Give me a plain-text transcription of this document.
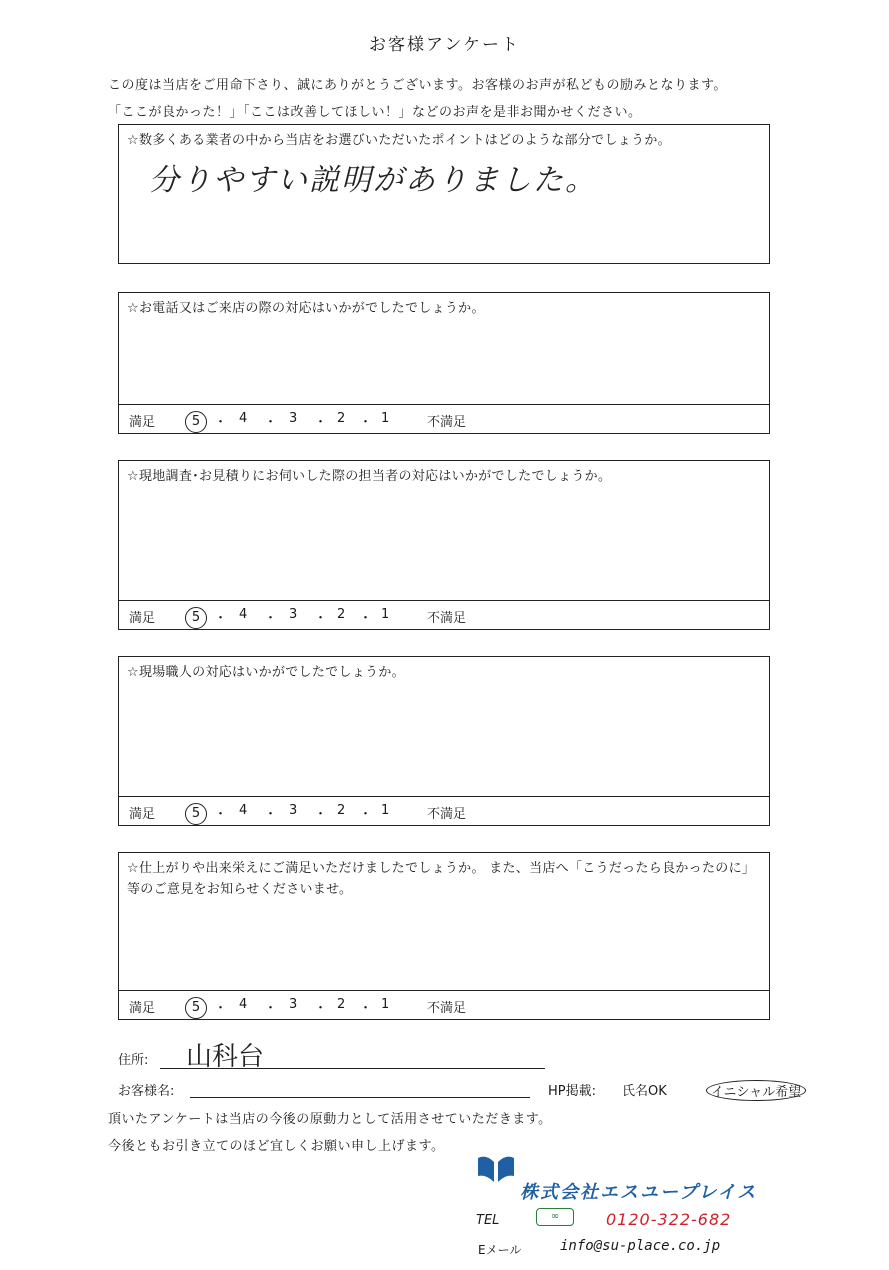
お客様アンケート
この度は当店をご用命下さり、誠にありがとうございます。お客様のお声が私どもの励みとなります。
「ここが良かった！」「ここは改善してほしい！」などのお声を是非お聞かせください。
☆数多くある業者の中から当店をお選びいただいたポイントはどのような部分でしょうか。
分りやすい説明がありました。
☆お電話又はご来店の際の対応はいかがでしたでしょうか。
満足	5	・ 4 ・ 3 ・ 2 ・ 1	不満足
☆現地調査･お見積りにお伺いした際の担当者の対応はいかがでしたでしょうか。
満足	5	・ 4 ・ 3 ・ 2 ・ 1	不満足
☆現場職人の対応はいかがでしたでしょうか。
満足	5	・ 4 ・ 3 ・ 2 ・ 1	不満足
☆仕上がりや出来栄えにご満足いただけましたでしょうか。 また、当店へ「こうだったら良かったのに」
等のご意見をお知らせくださいませ。
満足	5	・ 4 ・ 3 ・ 2 ・ 1	不満足
住所: 山科台
お客様名:	HP掲載: 氏名OK	イニシャル希望
頂いたアンケートは当店の今後の原動力として活用させていただきます。
今後ともお引き立てのほど宜しくお願い申し上げます。
株式会社エスユープレイス
TEL	∞	0120-322-682
Eメール	info@su-place.co.jp
